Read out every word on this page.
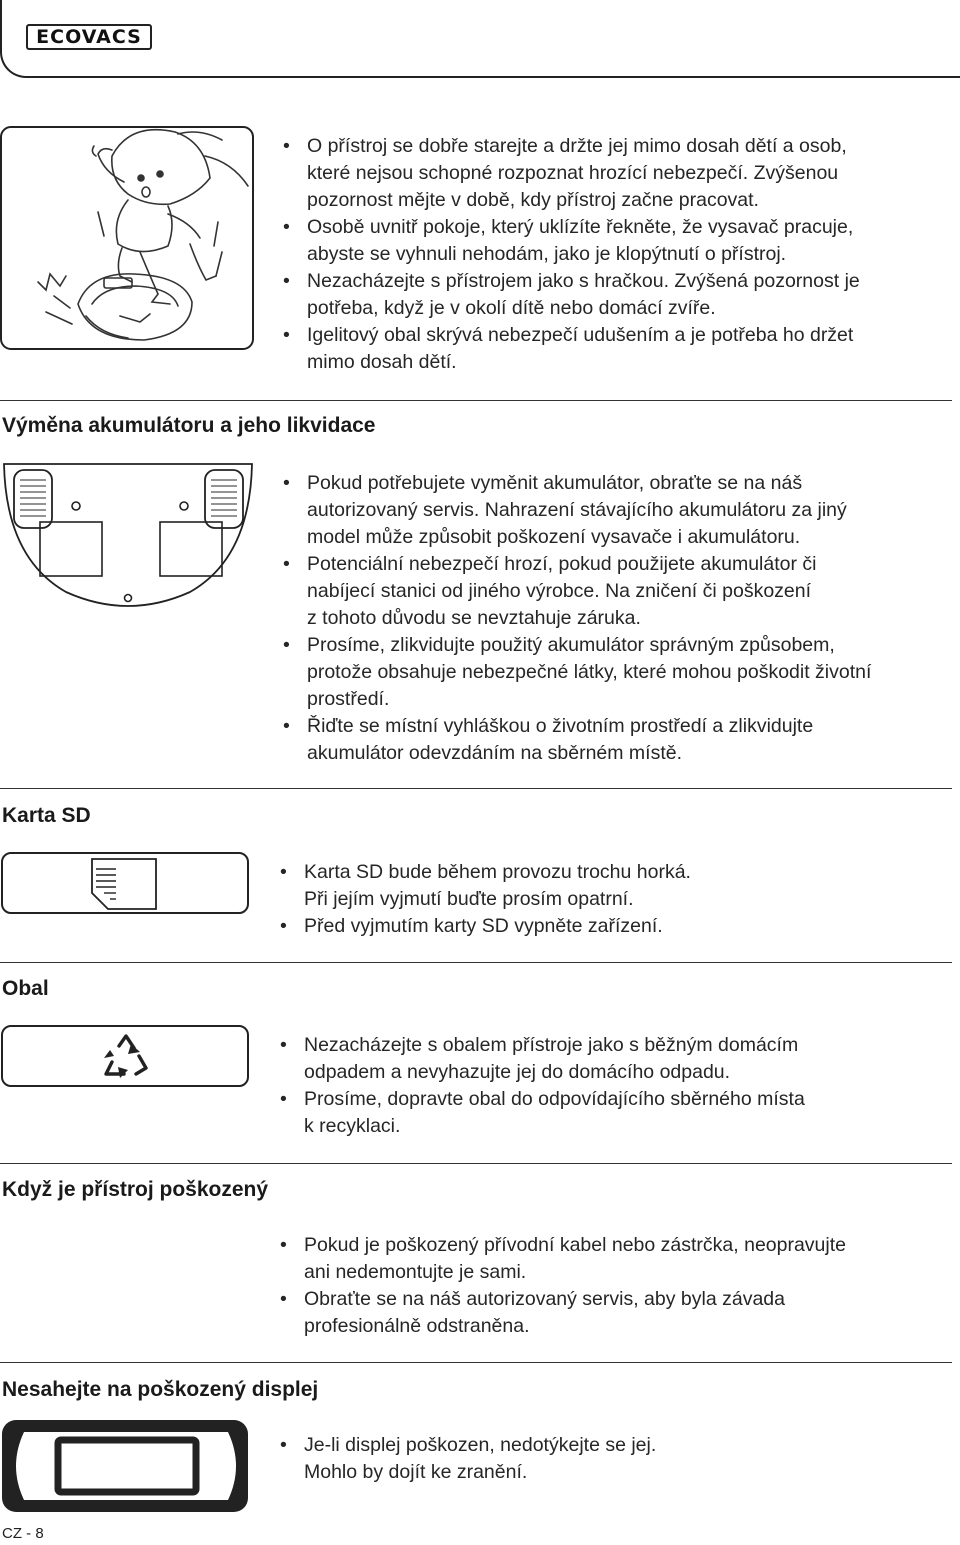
ECOVACS
• O přístroj se dobře starejte a držte jej mimo dosah dětí a osob,
které nejsou schopné rozpoznat hrozící nebezpečí. Zvýšenou
pozornost mějte v době, kdy přístroj začne pracovat.
• Osobě uvnitř pokoje, který uklízíte řekněte, že vysavač pracuje,
abyste se vyhnuli nehodám, jako je klopýtnutí o přístroj.
• Nezacházejte s přístrojem jako s hračkou. Zvýšená pozornost je
potřeba, když je v okolí dítě nebo domácí zvíře.
• Igelitový obal skrývá nebezpečí udušením a je potřeba ho držet
mimo dosah dětí.
Výměna akumulátoru a jeho likvidace
• Pokud potřebujete vyměnit akumulátor, obraťte se na náš
autorizovaný servis. Nahrazení stávajícího akumulátoru za jiný
model může způsobit poškození vysavače i akumulátoru.
• Potenciální nebezpečí hrozí, pokud použijete akumulátor či
nabíjecí stanici od jiného výrobce. Na zničení či poškození
z tohoto důvodu se nevztahuje záruka.
• Prosíme, zlikvidujte použitý akumulátor správným způsobem,
protože obsahuje nebezpečné látky, které mohou poškodit životní
prostředí.
• Řiďte se místní vyhláškou o životním prostředí a zlikvidujte
akumulátor odevzdáním na sběrném místě.
Karta SD
• Karta SD bude během provozu trochu horká.
Při jejím vyjmutí buďte prosím opatrní.
• Před vyjmutím karty SD vypněte zařízení.
Obal
• Nezacházejte s obalem přístroje jako s běžným domácím
odpadem a nevyhazujte jej do domácího odpadu.
• Prosíme, dopravte obal do odpovídajícího sběrného místa
k recyklaci.
Když je přístroj poškozený
• Pokud je poškozený přívodní kabel nebo zástrčka, neopravujte
ani nedemontujte je sami.
• Obraťte se na náš autorizovaný servis, aby byla závada
profesionálně odstraněna.
Nesahejte na poškozený displej
• Je-li displej poškozen, nedotýkejte se jej.
Mohlo by dojít ke zranění.
CZ - 8
